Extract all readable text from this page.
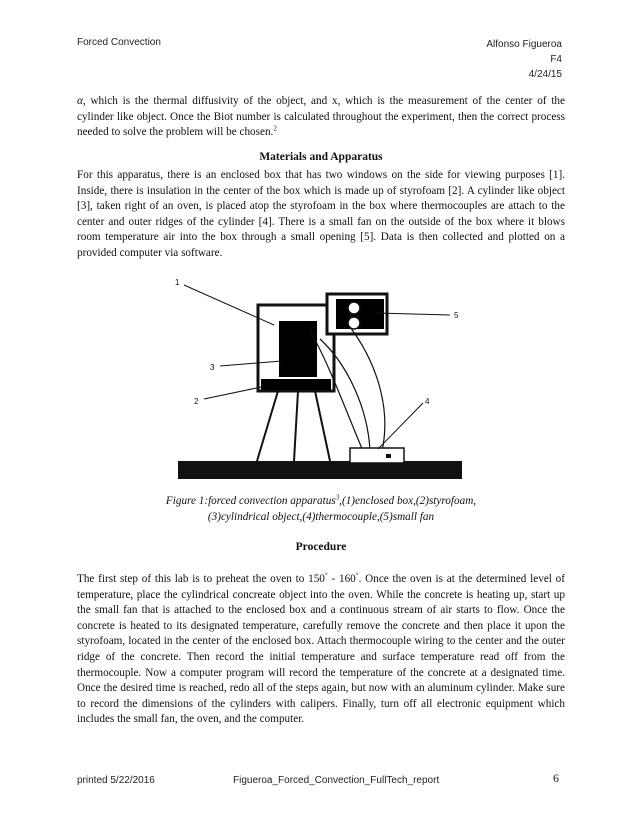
Forced Convection	Alfonso Figueroa
F4
4/24/15
α, which is the thermal diffusivity of the object, and x, which is the measurement of the center of the cylinder like object. Once the Biot number is calculated throughout the experiment, then the correct process needed to solve the problem will be chosen.$^2$
Materials and Apparatus
For this apparatus, there is an enclosed box that has two windows on the side for viewing purposes [1]. Inside, there is insulation in the center of the box which is made up of styrofoam [2]. A cylinder like object [3], taken right of an oven, is placed atop the styrofoam in the box where thermocouples are attach to the center and outer ridges of the cylinder [4]. There is a small fan on the outside of the box where it blows room temperature air into the box through a small opening [5]. Data is then collected and plotted on a provided computer via software.
1
2
3
4
5
Figure 1:forced convection apparatus$^3$,(1)enclosed box,(2)styrofoam,
(3)cylindrical object,(4)thermocouple,(5)small fan
Procedure
The first step of this lab is to preheat the oven to 150° - 160°. Once the oven is at the determined level of temperature, place the cylindrical concreate object into the oven. While the concrete is heating up, start up the small fan that is attached to the enclosed box and a continuous stream of air starts to flow. Once the concrete is heated to its designated temperature, carefully remove the concrete and then place it upon the styrofoam, located in the center of the enclosed box. Attach thermocouple wiring to the center and the outer ridge of the concrete. Then record the initial temperature and surface temperature read off from the thermocouple. Now a computer program will record the temperature of the concrete at a designated time. Once the desired time is reached, redo all of the steps again, but now with an aluminum cylinder. Make sure to record the dimensions of the cylinders with calipers. Finally, turn off all electronic equipment which includes the small fan, the oven, and the computer.
printed 5/22/2016	Figueroa_Forced_Convection_FullTech_report	6
